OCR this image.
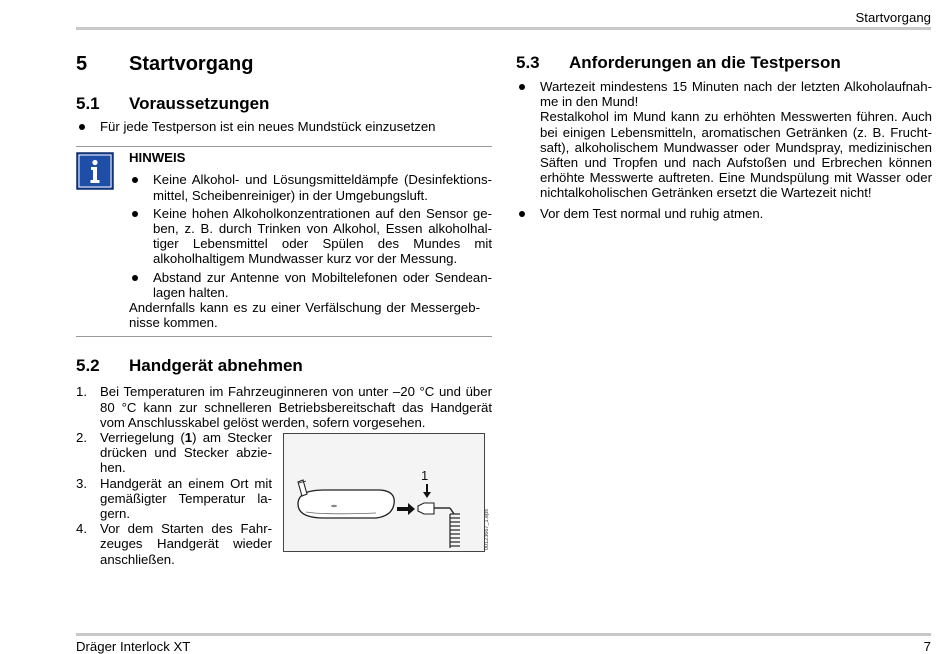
Startvorgang
5	Startvorgang
5.1	Voraussetzungen
Für jede Testperson ist ein neues Mundstück einzusetzen
HINWEIS
Keine Alkohol- und Lösungsmitteldämpfe (Desinfektions-mittel, Scheibenreiniger) in der Umgebungsluft.
Keine hohen Alkoholkonzentrationen auf den Sensor ge-ben, z. B. durch Trinken von Alkohol, Essen alkoholhal-tiger Lebensmittel oder Spülen des Mundes mit alkoholhaltigem Mundwasser kurz vor der Messung.
Abstand zur Antenne von Mobiltelefonen oder Sendean-lagen halten.
Andernfalls kann es zu einer Verfälschung der Messergeb-nisse kommen.
5.2	Handgerät abnehmen
1. Bei Temperaturen im Fahrzeuginneren von unter –20 °C und über 80 °C kann zur schnelleren Betriebsbereitschaft das Handgerät vom Anschlusskabel gelöst werden, sofern vorgesehen.
2. Verriegelung (1) am Stecker drücken und Stecker abzie-hen.
3. Handgerät an einem Ort mit gemäßigter Temperatur la-gern.
4. Vor dem Starten des Fahr-zeuges Handgerät wieder anschließen.
1
00123667_1.eps
5.3	Anforderungen an die Testperson
Wartezeit mindestens 15 Minuten nach der letzten Alkoholaufnah-me in den Mund!
Restalkohol im Mund kann zu erhöhten Messwerten führen. Auch bei einigen Lebensmitteln, aromatischen Getränken (z. B. Frucht-saft), alkoholischem Mundwasser oder Mundspray, medizinischen Säften und Tropfen und nach Aufstoßen und Erbrechen können erhöhte Messwerte auftreten. Eine Mundspülung mit Wasser oder nichtalkoholischen Getränken ersetzt die Wartezeit nicht!
Vor dem Test normal und ruhig atmen.
Dräger Interlock XT	7
